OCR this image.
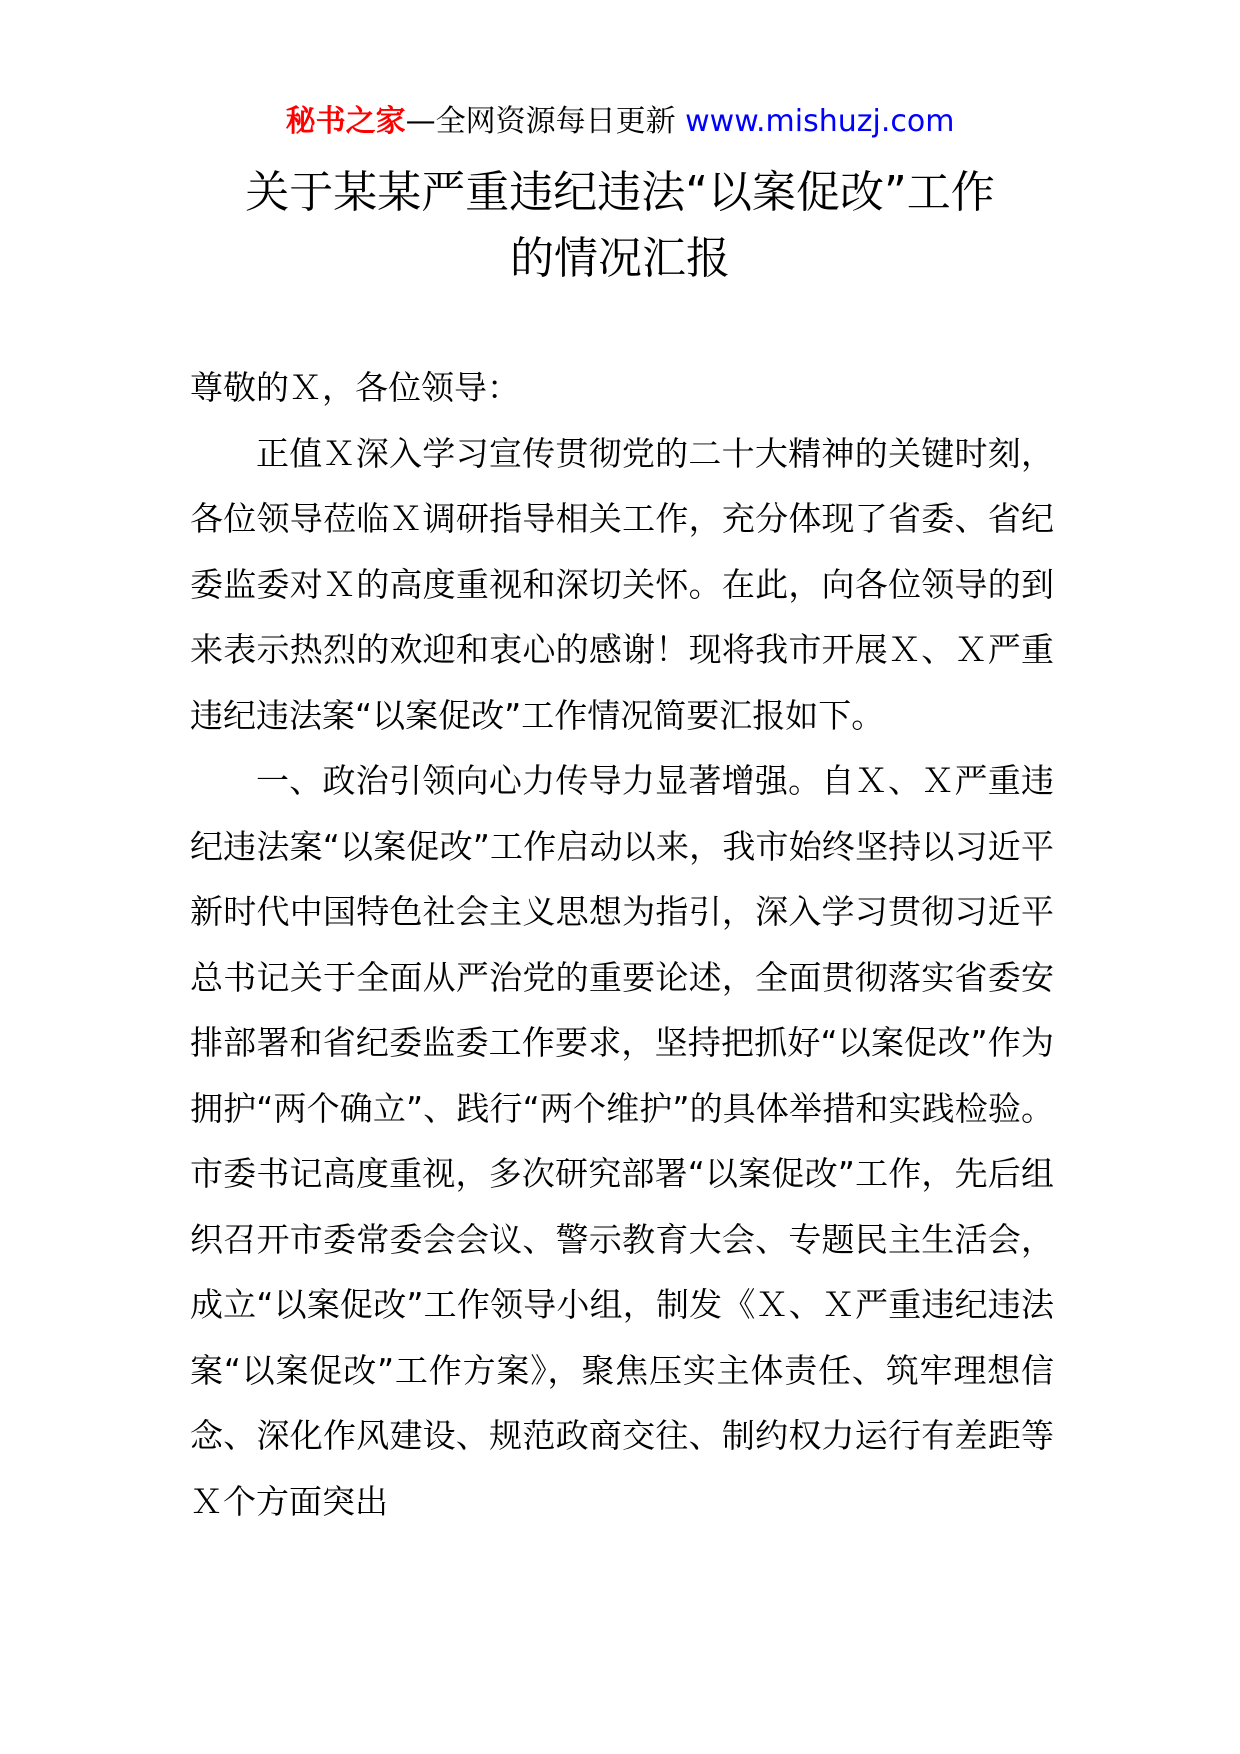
秘书之家—全网资源每日更新 www.mishuzj.com
关于某某严重违纪违法“以案促改”工作
的情况汇报

尊敬的Ｘ，各位领导：

正值Ｘ深入学习宣传贯彻党的二十大精神的关键时刻，各位领导莅临Ｘ调研指导相关工作，充分体现了省委、省纪委监委对Ｘ的高度重视和深切关怀。在此，向各位领导的到来表示热烈的欢迎和衷心的感谢！现将我市开展Ｘ、Ｘ严重违纪违法案“以案促改”工作情况简要汇报如下。

一、政治引领向心力传导力显著增强。自Ｘ、Ｘ严重违纪违法案“以案促改”工作启动以来，我市始终坚持以习近平新时代中国特色社会主义思想为指引，深入学习贯彻习近平总书记关于全面从严治党的重要论述，全面贯彻落实省委安排部署和省纪委监委工作要求，坚持把抓好“以案促改”作为拥护“两个确立”、践行“两个维护”的具体举措和实践检验。市委书记高度重视，多次研究部署“以案促改”工作，先后组织召开市委常委会会议、警示教育大会、专题民主生活会，成立“以案促改”工作领导小组，制发《Ｘ、Ｘ严重违纪违法案“以案促改”工作方案》，聚焦压实主体责任、筑牢理想信念、深化作风建设、规范政商交往、制约权力运行有差距等Ｘ个方面突出
